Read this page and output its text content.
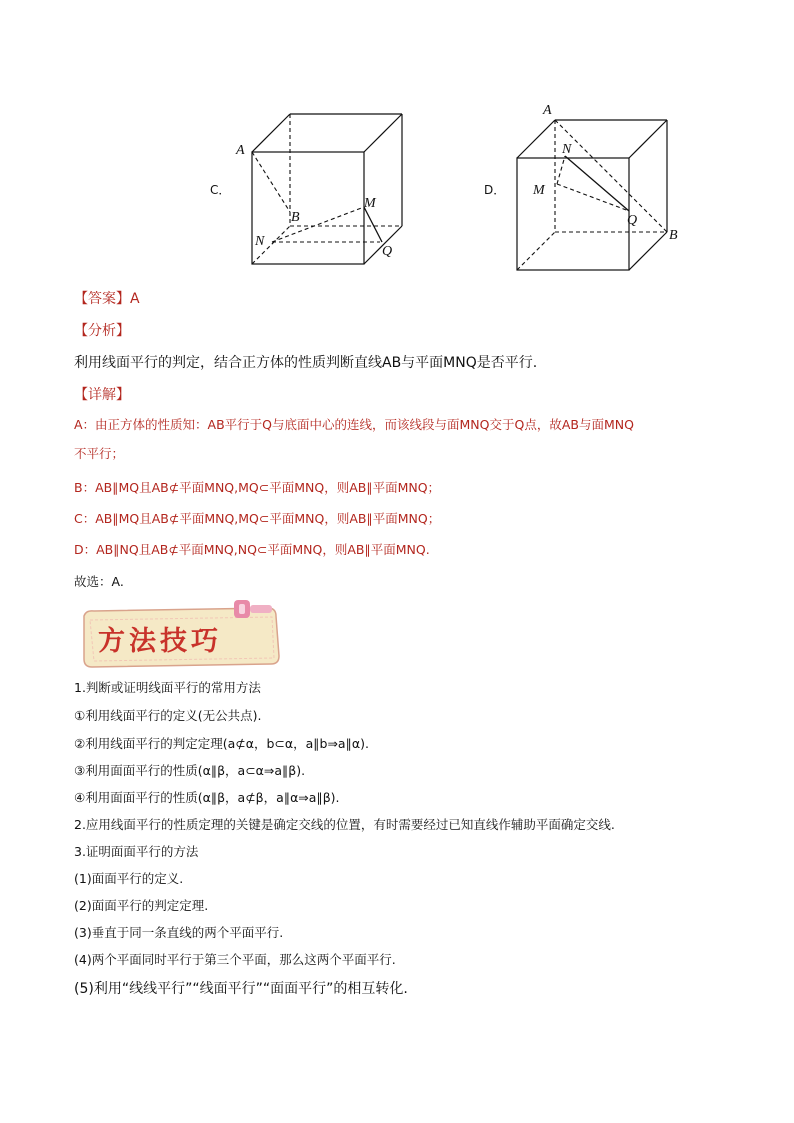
C．	D．
A
B
M
N
Q
A
B
M
N
Q
【答案】A
【分析】
利用线面平行的判定，结合正方体的性质判断直线AB与平面MNQ是否平行.
【详解】
A：由正方体的性质知：AB平行于Q与底面中心的连线，而该线段与面MNQ交于Q点，故AB与面MNQ
不平行；
B：AB∥MQ且AB⊄平面MNQ,MQ⊂平面MNQ，则AB∥平面MNQ；
C：AB∥MQ且AB⊄平面MNQ,MQ⊂平面MNQ，则AB∥平面MNQ；
D：AB∥NQ且AB⊄平面MNQ,NQ⊂平面MNQ，则AB∥平面MNQ.
故选：A.
方法技巧
1.判断或证明线面平行的常用方法
①利用线面平行的定义(无公共点).
②利用线面平行的判定定理(a⊄α，b⊂α，a∥b⇒a∥α).
③利用面面平行的性质(α∥β，a⊂α⇒a∥β).
④利用面面平行的性质(α∥β，a⊄β，a∥α⇒a∥β).
2.应用线面平行的性质定理的关键是确定交线的位置，有时需要经过已知直线作辅助平面确定交线.
3.证明面面平行的方法
(1)面面平行的定义.
(2)面面平行的判定定理.
(3)垂直于同一条直线的两个平面平行.
(4)两个平面同时平行于第三个平面，那么这两个平面平行.
(5)利用“线线平行”“线面平行”“面面平行”的相互转化.
